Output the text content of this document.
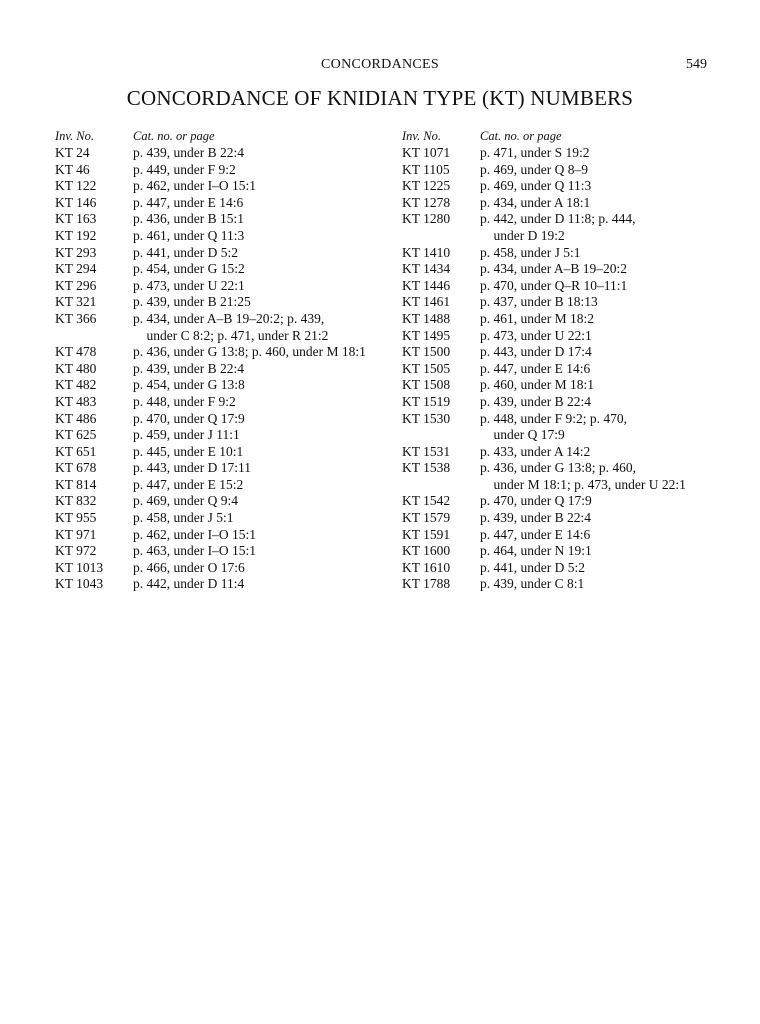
CONCORDANCES	549
CONCORDANCE OF KNIDIAN TYPE (KT) NUMBERS
Inv. No.	Cat. no. or page
KT 24	p. 439, under B 22:4
KT 46	p. 449, under F 9:2
KT 122	p. 462, under I–O 15:1
KT 146	p. 447, under E 14:6
KT 163	p. 436, under B 15:1
KT 192	p. 461, under Q 11:3
KT 293	p. 441, under D 5:2
KT 294	p. 454, under G 15:2
KT 296	p. 473, under U 22:1
KT 321	p. 439, under B 21:25
KT 366	p. 434, under A–B 19–20:2; p. 439,
under C 8:2; p. 471, under R 21:2
KT 478	p. 436, under G 13:8; p. 460, under M 18:1
KT 480	p. 439, under B 22:4
KT 482	p. 454, under G 13:8
KT 483	p. 448, under F 9:2
KT 486	p. 470, under Q 17:9
KT 625	p. 459, under J 11:1
KT 651	p. 445, under E 10:1
KT 678	p. 443, under D 17:11
KT 814	p. 447, under E 15:2
KT 832	p. 469, under Q 9:4
KT 955	p. 458, under J 5:1
KT 971	p. 462, under I–O 15:1
KT 972	p. 463, under I–O 15:1
KT 1013	p. 466, under O 17:6
KT 1043	p. 442, under D 11:4
Inv. No.	Cat. no. or page
KT 1071	p. 471, under S 19:2
KT 1105	p. 469, under Q 8–9
KT 1225	p. 469, under Q 11:3
KT 1278	p. 434, under A 18:1
KT 1280	p. 442, under D 11:8; p. 444,
under D 19:2
KT 1410	p. 458, under J 5:1
KT 1434	p. 434, under A–B 19–20:2
KT 1446	p. 470, under Q–R 10–11:1
KT 1461	p. 437, under B 18:13
KT 1488	p. 461, under M 18:2
KT 1495	p. 473, under U 22:1
KT 1500	p. 443, under D 17:4
KT 1505	p. 447, under E 14:6
KT 1508	p. 460, under M 18:1
KT 1519	p. 439, under B 22:4
KT 1530	p. 448, under F 9:2; p. 470,
under Q 17:9
KT 1531	p. 433, under A 14:2
KT 1538	p. 436, under G 13:8; p. 460,
under M 18:1; p. 473, under U 22:1
KT 1542	p. 470, under Q 17:9
KT 1579	p. 439, under B 22:4
KT 1591	p. 447, under E 14:6
KT 1600	p. 464, under N 19:1
KT 1610	p. 441, under D 5:2
KT 1788	p. 439, under C 8:1
